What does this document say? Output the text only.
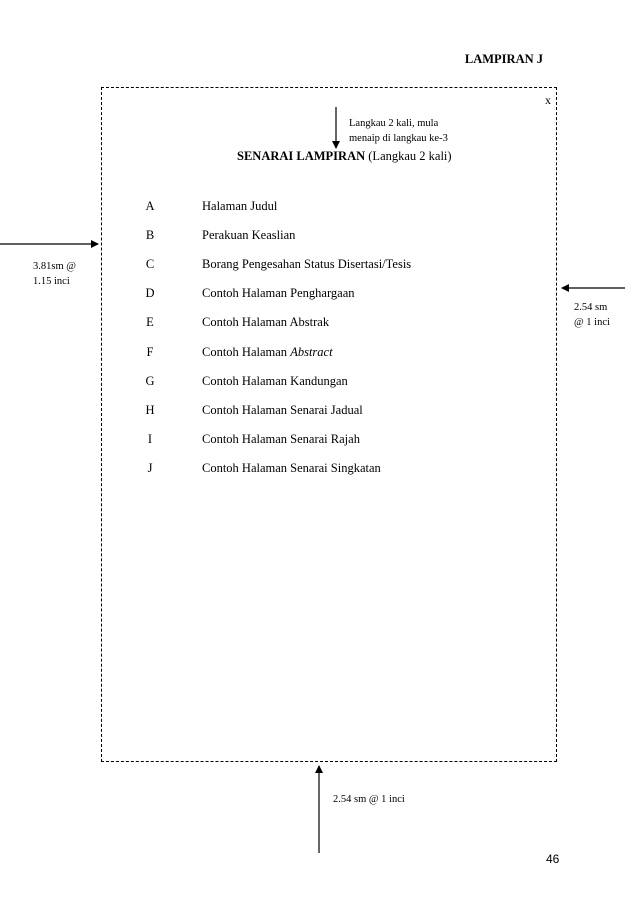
LAMPIRAN J
x
Langkau 2 kali, mula
menaip di langkau ke-3
SENARAI LAMPIRAN (Langkau 2 kali)
A	Halaman Judul
B	Perakuan Keaslian
C	Borang Pengesahan Status Disertasi/Tesis
D	Contoh Halaman Penghargaan
E	Contoh Halaman Abstrak
F	Contoh Halaman Abstract
G	Contoh Halaman Kandungan
H	Contoh Halaman Senarai Jadual
I	Contoh Halaman Senarai Rajah
J	Contoh Halaman Senarai Singkatan
3.81sm @
1.15 inci
2.54 sm
@ 1 inci
2.54 sm @ 1 inci
46
